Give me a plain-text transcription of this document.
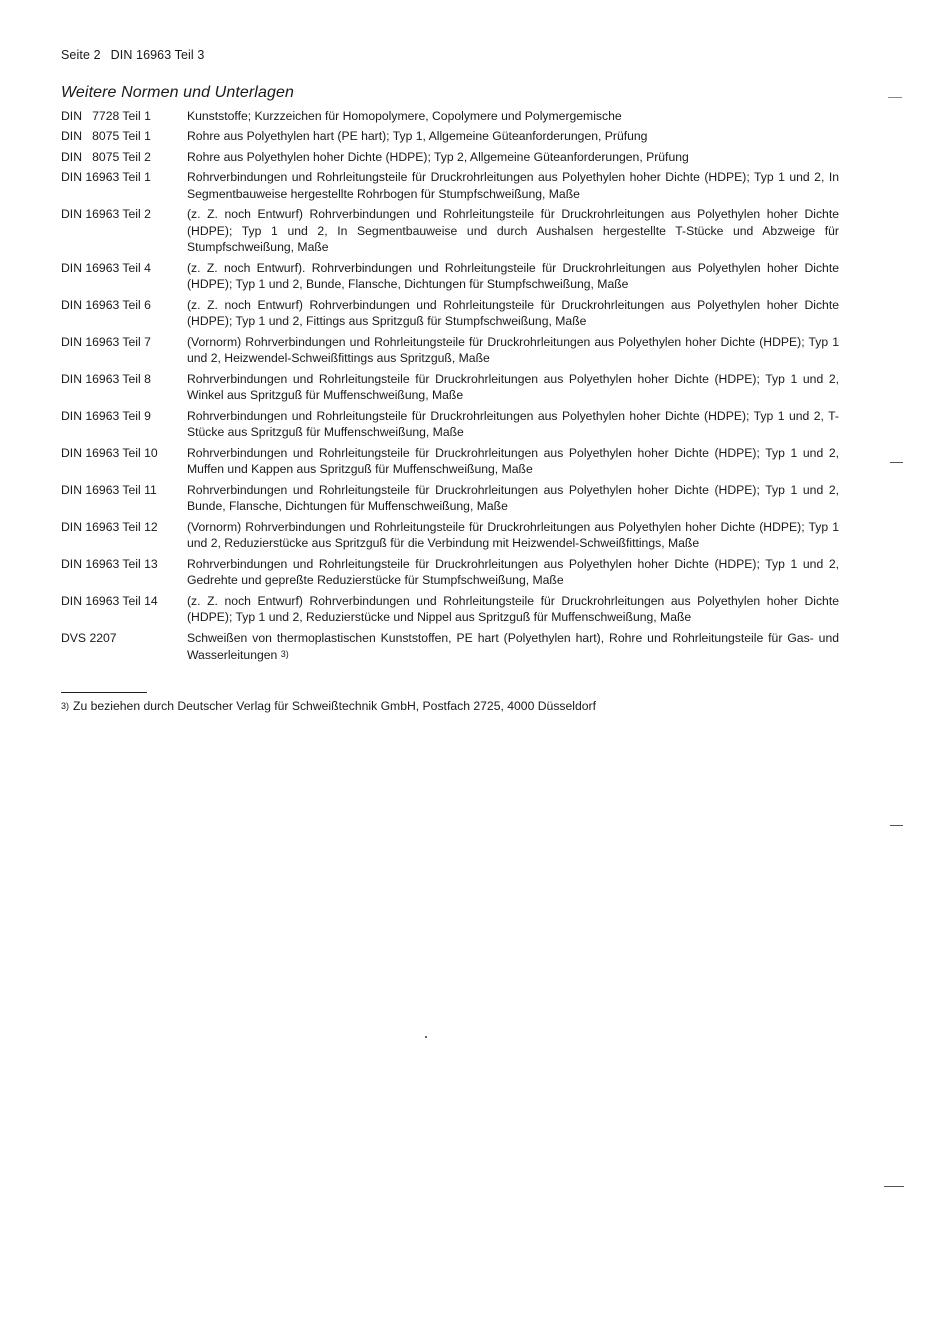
Seite 2 DIN 16963 Teil 3
Weitere Normen und Unterlagen
DIN   7728 Teil 1	Kunststoffe; Kurzzeichen für Homopolymere, Copolymere und Polymergemische
DIN   8075 Teil 1	Rohre aus Polyethylen hart (PE hart); Typ 1, Allgemeine Güteanforderungen, Prüfung
DIN   8075 Teil 2	Rohre aus Polyethylen hoher Dichte (HDPE); Typ 2, Allgemeine Güteanforderungen, Prüfung
DIN 16963 Teil 1	Rohrverbindungen und Rohrleitungsteile für Druckrohrleitungen aus Polyethylen hoher Dichte (HDPE); Typ 1 und 2, In Segmentbauweise hergestellte Rohrbogen für Stumpfschweißung, Maße
DIN 16963 Teil 2	(z. Z. noch Entwurf) Rohrverbindungen und Rohrleitungsteile für Druckrohrleitungen aus Polyethylen hoher Dichte (HDPE); Typ 1 und 2, In Segmentbauweise und durch Aushalsen hergestellte T-Stücke und Abzweige für Stumpfschweißung, Maße
DIN 16963 Teil 4	(z. Z. noch Entwurf). Rohrverbindungen und Rohrleitungsteile für Druckrohrleitungen aus Polyethylen hoher Dichte (HDPE); Typ 1 und 2, Bunde, Flansche, Dichtungen für Stumpfschweißung, Maße
DIN 16963 Teil 6	(z. Z. noch Entwurf) Rohrverbindungen und Rohrleitungsteile für Druckrohrleitungen aus Polyethylen hoher Dichte (HDPE); Typ 1 und 2, Fittings aus Spritzguß für Stumpfschweißung, Maße
DIN 16963 Teil 7	(Vornorm) Rohrverbindungen und Rohrleitungsteile für Druckrohrleitungen aus Polyethylen hoher Dichte (HDPE); Typ 1 und 2, Heizwendel-Schweißfittings aus Spritzguß, Maße
DIN 16963 Teil 8	Rohrverbindungen und Rohrleitungsteile für Druckrohrleitungen aus Polyethylen hoher Dichte (HDPE); Typ 1 und 2, Winkel aus Spritzguß für Muffenschweißung, Maße
DIN 16963 Teil 9	Rohrverbindungen und Rohrleitungsteile für Druckrohrleitungen aus Polyethylen hoher Dichte (HDPE); Typ 1 und 2, T-Stücke aus Spritzguß für Muffenschweißung, Maße
DIN 16963 Teil 10	Rohrverbindungen und Rohrleitungsteile für Druckrohrleitungen aus Polyethylen hoher Dichte (HDPE); Typ 1 und 2, Muffen und Kappen aus Spritzguß für Muffenschweißung, Maße
DIN 16963 Teil 11	Rohrverbindungen und Rohrleitungsteile für Druckrohrleitungen aus Polyethylen hoher Dichte (HDPE); Typ 1 und 2, Bunde, Flansche, Dichtungen für Muffenschweißung, Maße
DIN 16963 Teil 12	(Vornorm) Rohrverbindungen und Rohrleitungsteile für Druckrohrleitungen aus Polyethylen hoher Dichte (HDPE); Typ 1 und 2, Reduzierstücke aus Spritzguß für die Verbindung mit Heizwendel-Schweißfittings, Maße
DIN 16963 Teil 13	Rohrverbindungen und Rohrleitungsteile für Druckrohrleitungen aus Polyethylen hoher Dichte (HDPE); Typ 1 und 2, Gedrehte und gepreßte Reduzierstücke für Stumpfschweißung, Maße
DIN 16963 Teil 14	(z. Z. noch Entwurf) Rohrverbindungen und Rohrleitungsteile für Druckrohrleitungen aus Polyethylen hoher Dichte (HDPE); Typ 1 und 2, Reduzierstücke und Nippel aus Spritzguß für Muffenschweißung, Maße
DVS 2207	Schweißen von thermoplastischen Kunststoffen, PE hart (Polyethylen hart), Rohre und Rohrleitungsteile für Gas- und Wasserleitungen $^{3)}$
3) Zu beziehen durch Deutscher Verlag für Schweißtechnik GmbH, Postfach 2725, 4000 Düsseldorf
